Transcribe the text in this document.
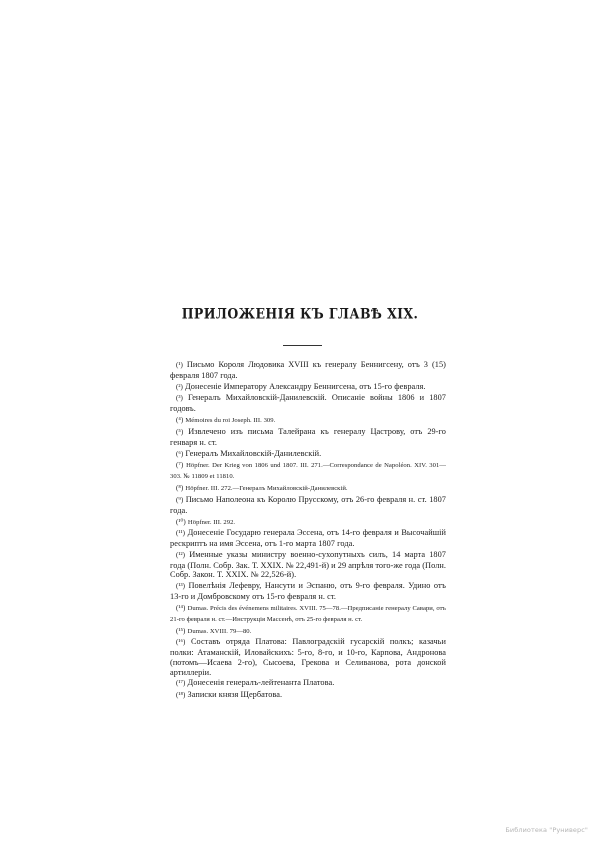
ПРИЛОЖЕНІЯ КЪ ГЛАВѢ XIX.
(¹) Письмо Короля Людовика XVIII къ генералу Беннигсену, отъ 3 (15) февраля 1807 года.
(²) Донесеніе Императору Александру Беннигсена, отъ 15-го февраля.
(³) Генералъ Михайловскій-Данилевскій. Описаніе войны 1806 и 1807 годовъ.
(⁴) Mémoires du roi Joseph. III. 309.
(⁵) Извлечено изъ письма Талейрана къ генералу Цастрову, отъ 29-го генваря н. ст.
(⁶) Генералъ Михайловскій-Данилевскій.
(⁷) Höpfner. Der Krieg von 1806 und 1807. III. 271.—Correspondance de Napoléon. XIV. 301—303. № 11809 et 11810.
(⁸) Höpfner. III. 272.—Генералъ Михайловскій-Данилевскій.
(⁹) Письмо Наполеона къ Королю Прусскому, отъ 26-го февраля н. ст. 1807 года.
(¹⁰) Höpfner. III. 292.
(¹¹) Донесеніе Государю генерала Эссена, отъ 14-го февраля и Высочайшій рескриптъ на имя Эссена, отъ 1-го марта 1807 года.
(¹²) Именные указы министру военно-сухопутныхъ силъ, 14 марта 1807 года (Полн. Собр. Зак. Т. XXIX. № 22,491-й) и 29 апрѣля того-же года (Полн. Собр. Закон. Т. XXIX. № 22,526-й).
(¹³) Повелѣнія Лефевру, Нансути и Эспаню, отъ 9-го февраля. Удино отъ 13-го и Домбровскому отъ 15-го февраля н. ст.
(¹⁴) Dumas. Précis des événemens militaires. XVIII. 75—78.—Предписаніе генералу Савари, отъ 21-го февраля н. ст.—Инструкція Массенѣ, отъ 25-го февраля н. ст.
(¹⁵) Dumas. XVIII. 79—80.
(¹⁶) Составъ отряда Платова: Павлоградскій гусарскій полкъ; казачьи полки: Атаманскій, Иловайскихъ: 5-го, 8-го, и 10-го, Карпова, Андронова (потомъ—Исаева 2-го), Сысоева, Грекова и Селиванова, рота донской артиллеріи.
(¹⁷) Донесенія генералъ-лейтенанта Платова.
(¹⁸) Записки князя Щербатова.
Библиотека "Руниверс"
